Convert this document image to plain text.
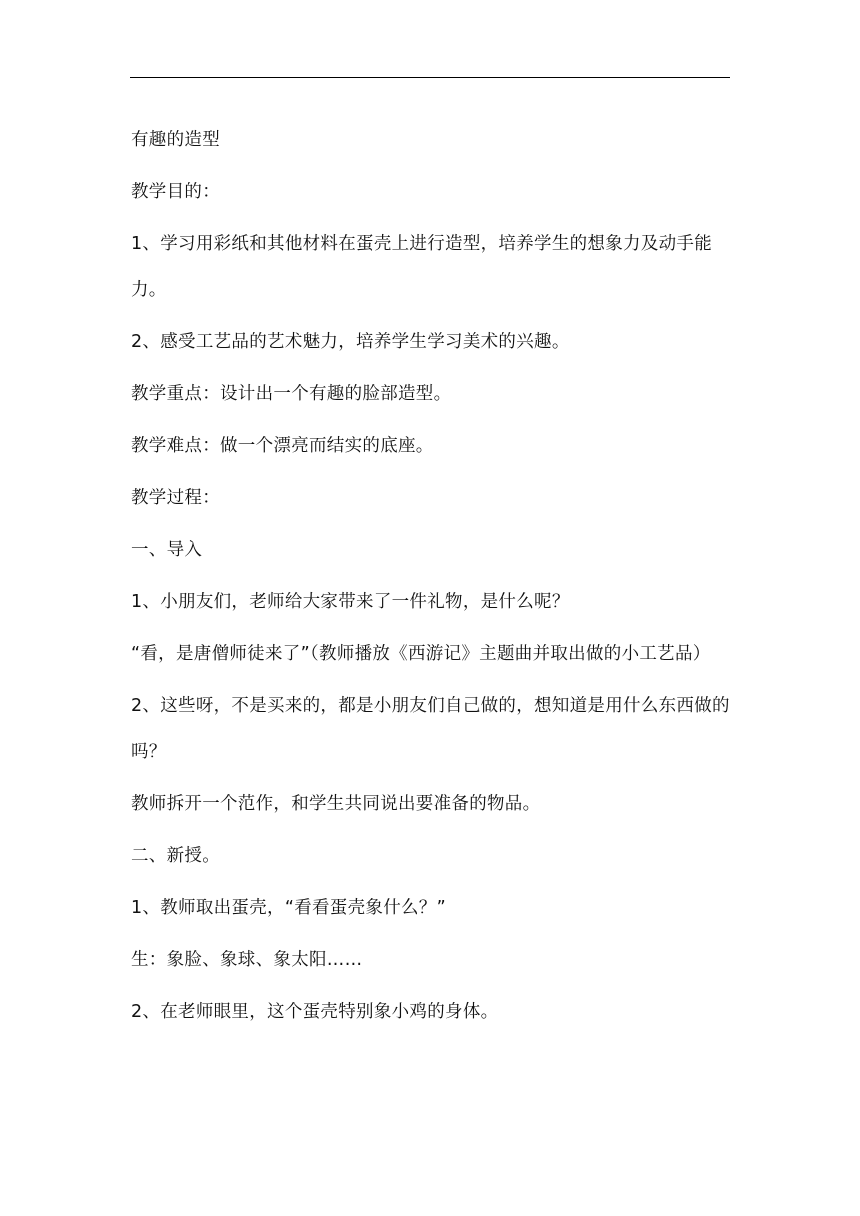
有趣的造型

教学目的：

1、学习用彩纸和其他材料在蛋壳上进行造型，培养学生的想象力及动手能力。

2、感受工艺品的艺术魅力，培养学生学习美术的兴趣。

教学重点：设计出一个有趣的脸部造型。

教学难点：做一个漂亮而结实的底座。

教学过程：

一、导入

1、小朋友们，老师给大家带来了一件礼物，是什么呢？

“看，是唐僧师徒来了”（教师播放《西游记》主题曲并取出做的小工艺品）

2、这些呀，不是买来的，都是小朋友们自己做的，想知道是用什么东西做的吗？

教师拆开一个范作，和学生共同说出要准备的物品。

二、新授。

1、教师取出蛋壳，“看看蛋壳象什么？”

生：象脸、象球、象太阳……

2、在老师眼里，这个蛋壳特别象小鸡的身体。
